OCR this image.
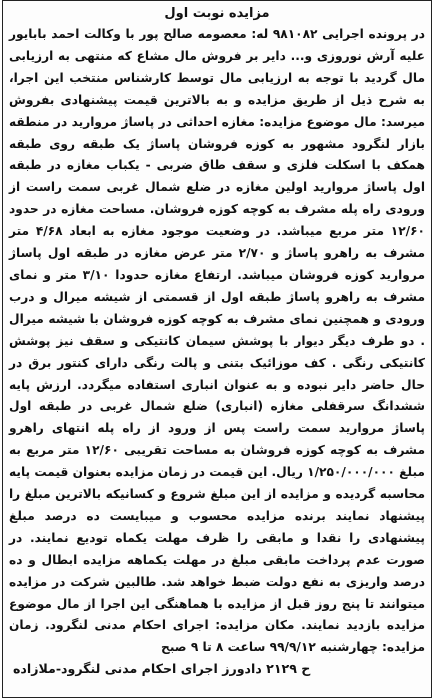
مزایده نوبت اول

در پرونده اجرایی ۹۸۱۰۸۲ له: معصومه صالح پور با وکالت احمد بابایور علیه آرش نوروزی و... دایر بر فروش مال مشاع که منتهی به ارزیابی مال گردید با توجه به ارزیابی مال توسط کارشناس منتخب این اجرا، به شرح ذیل از طریق مزایده و به بالاترین قیمت پیشنهادی بفروش میرسد: مال موضوع مزایده: مغازه احداثی در پاساژ مروارید در منطقه بازار لنگرود مشهور به کوزه فروشان پاساژ یک طبقه روی طبقه همکف با اسکلت فلزی و سقف طاق ضربی - یکباب مغازه در طبقه اول پاساژ مروارید اولین مغازه در ضلع شمال غربی سمت راست از ورودی راه پله مشرف به کوچه کوزه فروشان. مساحت مغازه در حدود ۱۲/۶۰ متر مربع میباشد. در وضعیت موجود مغازه به ابعاد ۴/۶۸ متر مشرف به راهرو پاساژ و ۲/۷۰ متر عرض مغازه در طبقه اول پاساژ مروارید کوزه فروشان میباشد. ارتفاع مغازه حدودا ۳/۱۰ متر و نمای مشرف به راهرو پاساژ طبقه اول از قسمتی از شیشه میرال و درب ورودی و همچنین نمای مشرف به کوچه کوزه فروشان با شیشه میرال . دو طرف دیگر دیوار با پوشش سیمان کانتیکی و سقف نیز پوشش کانتیکی رنگی . کف موزائیک بتنی و پالت رنگی دارای کنتور برق در حال حاضر دایر نبوده و به عنوان انباری استفاده میگردد. ارزش پایه ششدانگ سرقفلی مغازه (انباری) ضلع شمال غربی در طبقه اول پاساژ مروارید سمت راست پس از ورود از راه پله انتهای راهرو مشرف به کوچه کوزه فروشان به مساحت تقریبی ۱۲/۶۰ متر مربع به مبلغ ۱/۲۵۰/۰۰۰/۰۰۰ ریال. این قیمت در زمان مزایده بعنوان قیمت پایه محاسبه گردیده و مزایده از این مبلغ شروع و کسانیکه بالاترین مبلغ را پیشنهاد نمایند برنده مزایده محسوب و میبایست ده درصد مبلغ پیشنهادی را نقدا و مابقی را ظرف مهلت یکماه تودیع نمایند. در صورت عدم پرداخت مابقی مبلغ در مهلت یکماهه مزایده ابطال و ده درصد واریزی به نفع دولت ضبط خواهد شد. طالبین شرکت در مزایده میتوانند تا پنج روز قبل از مزایده با هماهنگی این اجرا از مال موضوع مزایده بازدید نمایند. مکان مزایده: اجرای احکام مدنی لنگرود. زمان مزایده: چهارشنبه ۹۹/۹/۱۲ ساعت ۸ تا ۹ صبح

ح ۲۱۲۹ دادورز اجرای احکام مدنی لنگرود-ملازاده
